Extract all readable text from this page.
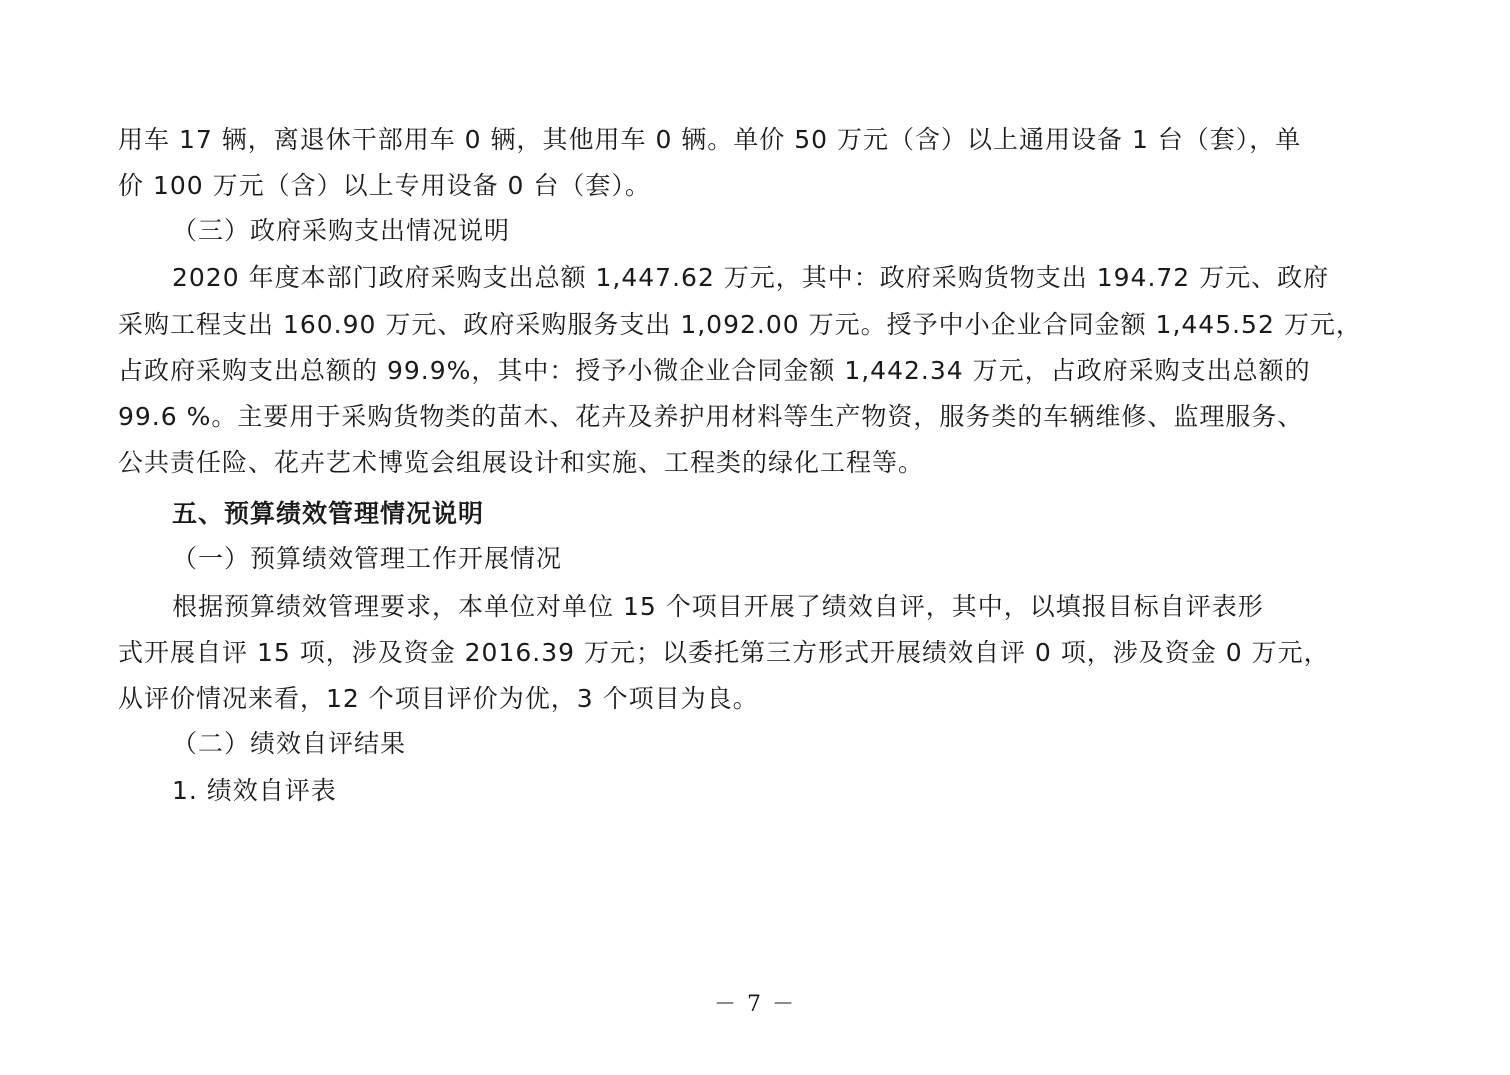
用车 17 辆，离退休干部用车 0 辆，其他用车 0 辆。单价 50 万元（含）以上通用设备 1 台（套），单
价 100 万元（含）以上专用设备 0 台（套）。
（三）政府采购支出情况说明
2020 年度本部门政府采购支出总额 1,447.62 万元，其中：政府采购货物支出 194.72 万元、政府
采购工程支出 160.90 万元、政府采购服务支出 1,092.00 万元。授予中小企业合同金额 1,445.52 万元，
占政府采购支出总额的 99.9%，其中：授予小微企业合同金额 1,442.34 万元，占政府采购支出总额的
99.6 %。主要用于采购货物类的苗木、花卉及养护用材料等生产物资，服务类的车辆维修、监理服务、
公共责任险、花卉艺术博览会组展设计和实施、工程类的绿化工程等。
五、预算绩效管理情况说明
（一）预算绩效管理工作开展情况
根据预算绩效管理要求，本单位对单位 15 个项目开展了绩效自评，其中，以填报目标自评表形
式开展自评 15 项，涉及资金 2016.39 万元；以委托第三方形式开展绩效自评 0 项，涉及资金 0 万元，
从评价情况来看，12 个项目评价为优，3 个项目为良。
（二）绩效自评结果
1. 绩效自评表
－ 7 －
